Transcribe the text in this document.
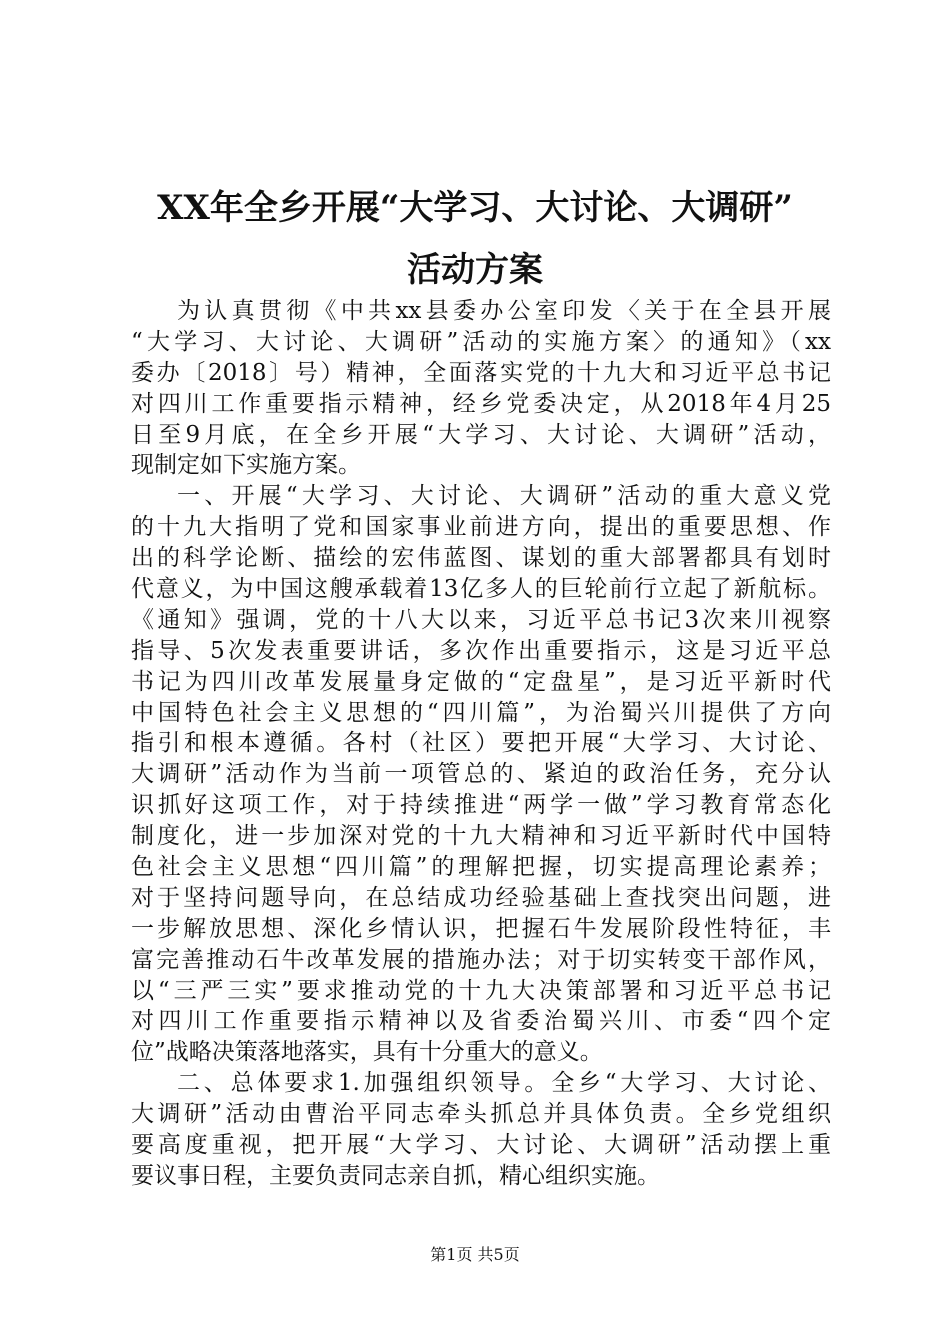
XX年全乡开展“大学习、大讨论、大调研”
活动方案
为认真贯彻《中共xx县委办公室印发〈关于在全县开展
“大学习、大讨论、大调研”活动的实施方案〉的通知》（xx
委办〔2018〕号）精神，全面落实党的十九大和习近平总书记
对四川工作重要指示精神，经乡党委决定，从2018年4月25
日至9月底，在全乡开展“大学习、大讨论、大调研”活动，
现制定如下实施方案。
一、开展“大学习、大讨论、大调研”活动的重大意义党
的十九大指明了党和国家事业前进方向，提出的重要思想、作
出的科学论断、描绘的宏伟蓝图、谋划的重大部署都具有划时
代意义，为中国这艘承载着13亿多人的巨轮前行立起了新航标。
《通知》强调，党的十八大以来，习近平总书记3次来川视察
指导、5次发表重要讲话，多次作出重要指示，这是习近平总
书记为四川改革发展量身定做的“定盘星”，是习近平新时代
中国特色社会主义思想的“四川篇”，为治蜀兴川提供了方向
指引和根本遵循。各村（社区）要把开展“大学习、大讨论、
大调研”活动作为当前一项管总的、紧迫的政治任务，充分认
识抓好这项工作，对于持续推进“两学一做”学习教育常态化
制度化，进一步加深对党的十九大精神和习近平新时代中国特
色社会主义思想“四川篇”的理解把握，切实提高理论素养；
对于坚持问题导向，在总结成功经验基础上查找突出问题，进
一步解放思想、深化乡情认识，把握石牛发展阶段性特征，丰
富完善推动石牛改革发展的措施办法；对于切实转变干部作风，
以“三严三实”要求推动党的十九大决策部署和习近平总书记
对四川工作重要指示精神以及省委治蜀兴川、市委“四个定
位”战略决策落地落实，具有十分重大的意义。
二、总体要求1.加强组织领导。全乡“大学习、大讨论、
大调研”活动由曹治平同志牵头抓总并具体负责。全乡党组织
要高度重视，把开展“大学习、大讨论、大调研”活动摆上重
要议事日程，主要负责同志亲自抓，精心组织实施。
第1页 共5页
